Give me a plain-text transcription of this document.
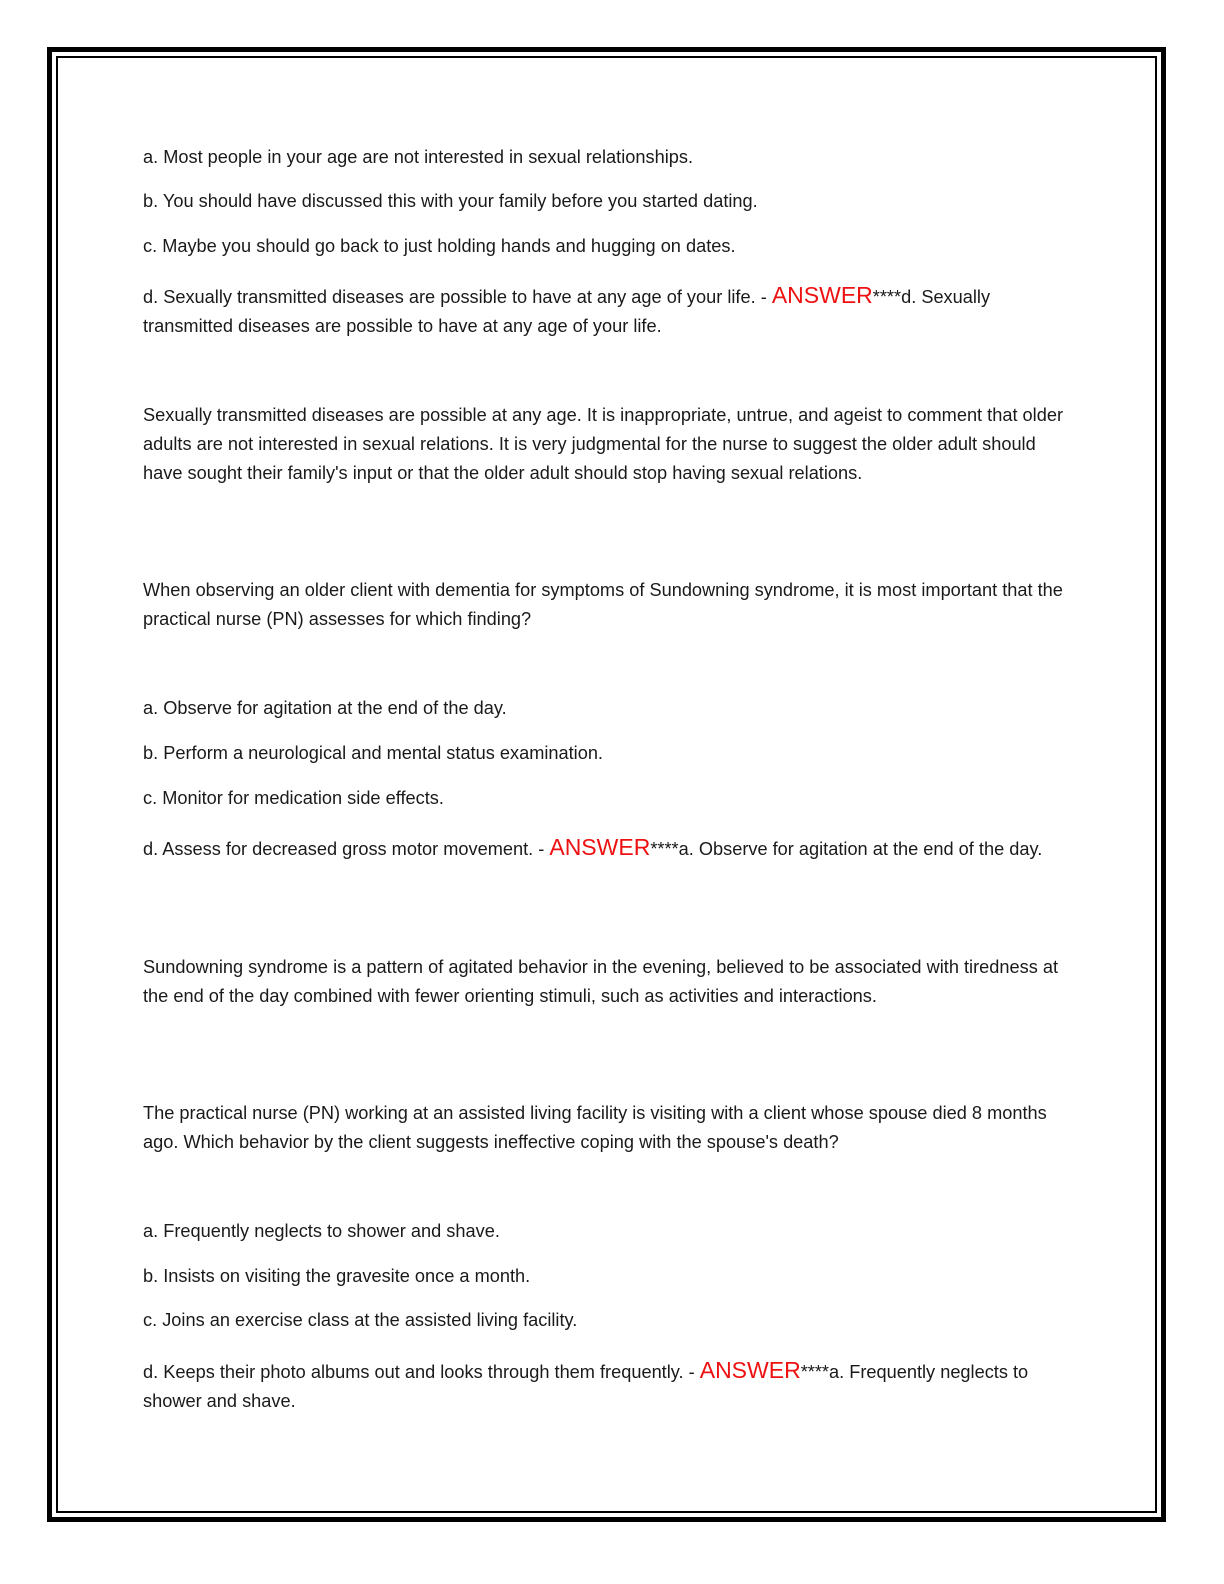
a. Most people in your age are not interested in sexual relationships.

b. You should have discussed this with your family before you started dating.

c. Maybe you should go back to just holding hands and hugging on dates.

d. Sexually transmitted diseases are possible to have at any age of your life. - ANSWER****d. Sexually transmitted diseases are possible to have at any age of your life.

Sexually transmitted diseases are possible at any age. It is inappropriate, untrue, and ageist to comment that older adults are not interested in sexual relations. It is very judgmental for the nurse to suggest the older adult should have sought their family's input or that the older adult should stop having sexual relations.

When observing an older client with dementia for symptoms of Sundowning syndrome, it is most important that the practical nurse (PN) assesses for which finding?

a. Observe for agitation at the end of the day.

b. Perform a neurological and mental status examination.

c. Monitor for medication side effects.

d. Assess for decreased gross motor movement. - ANSWER****a. Observe for agitation at the end of the day.

Sundowning syndrome is a pattern of agitated behavior in the evening, believed to be associated with tiredness at the end of the day combined with fewer orienting stimuli, such as activities and interactions.

The practical nurse (PN) working at an assisted living facility is visiting with a client whose spouse died 8 months ago. Which behavior by the client suggests ineffective coping with the spouse's death?

a. Frequently neglects to shower and shave.

b. Insists on visiting the gravesite once a month.

c. Joins an exercise class at the assisted living facility.

d. Keeps their photo albums out and looks through them frequently. - ANSWER****a. Frequently neglects to shower and shave.
